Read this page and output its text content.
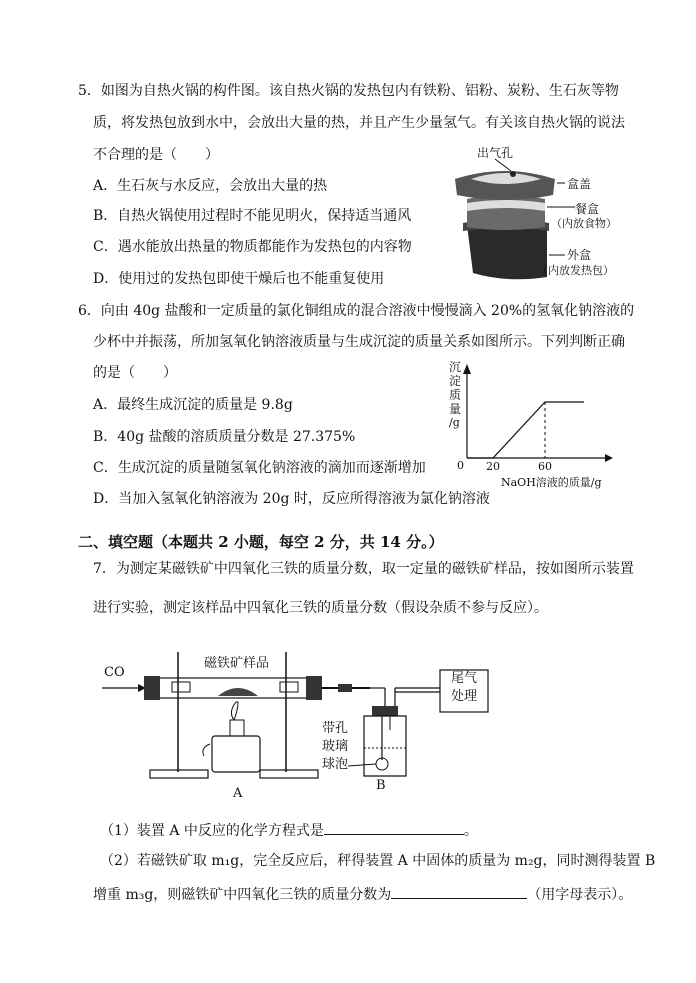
5．如图为自热火锅的构件图。该自热火锅的发热包内有铁粉、铝粉、炭粉、生石灰等物
质，将发热包放到水中，会放出大量的热，并且产生少量氢气。有关该自热火锅的说法
不合理的是（　　）
A．生石灰与水反应，会放出大量的热
B．自热火锅使用过程时不能见明火，保持适当通风
C．遇水能放出热量的物质都能作为发热包的内容物
D．使用过的发热包即使干燥后也不能重复使用
出气孔
盒盖
餐盒
（内放食物）
外盒
（内放发热包）
6．向由 40g 盐酸和一定质量的氯化铜组成的混合溶液中慢慢滴入 20%的氢氧化钠溶液的
少杯中并振荡，所加氢氧化钠溶液质量与生成沉淀的质量关系如图所示。下列判断正确
的是（　　）
A．最终生成沉淀的质量是 9.8g
B．40g 盐酸的溶质质量分数是 27.375%
C．生成沉淀的质量随氢氧化钠溶液的滴加而逐渐增加
D．当加入氢氧化钠溶液为 20g 时，反应所得溶液为氯化钠溶液
沉
淀
质
量
/g
0 20	60
NaOH溶液的质量/g
二、填空题（本题共 2 小题，每空 2 分，共 14 分。）
7．为测定某磁铁矿中四氧化三铁的质量分数，取一定量的磁铁矿样品，按如图所示装置
进行实验，测定该样品中四氧化三铁的质量分数（假设杂质不参与反应）。
CO
磁铁矿样品
尾气
处理
带孔
玻璃
球泡
A
B
（1）装置 A 中反应的化学方程式是	。
（2）若磁铁矿取 m₁g，完全反应后，秤得装置 A 中固体的质量为 m₂g，同时测得装置 B
增重 m₃g，则磁铁矿中四氧化三铁的质量分数为	（用字母表示）。
